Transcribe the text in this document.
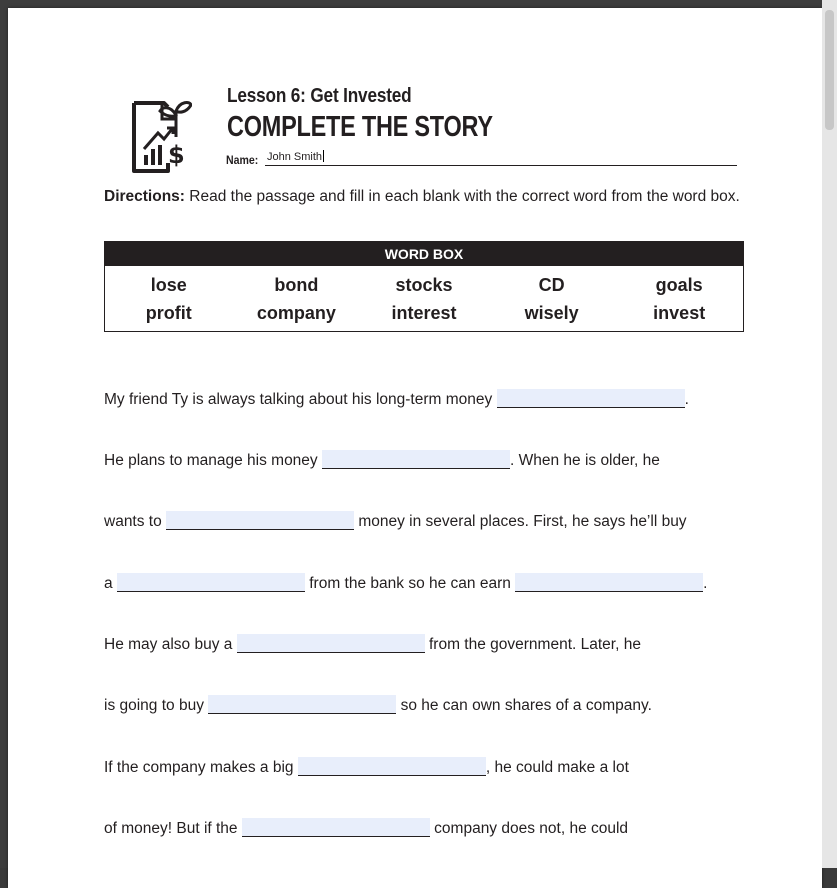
$
Lesson 6: Get Invested
COMPLETE THE STORY
Name: John Smith

Directions: Read the passage and fill in each blank with the correct word from the word box.

WORD BOX
lose	bond	stocks	CD	goals
profit	company	interest	wisely	invest

My friend Ty is always talking about his long-term money	.

He plans to manage his money	. When he is older, he

wants to	money in several places. First, he says he’ll buy

a	from the bank so he can earn	.

He may also buy a	from the government. Later, he

is going to buy	so he can own shares of a company.

If the company makes a big	, he could make a lot

of money! But if the	company does not, he could
